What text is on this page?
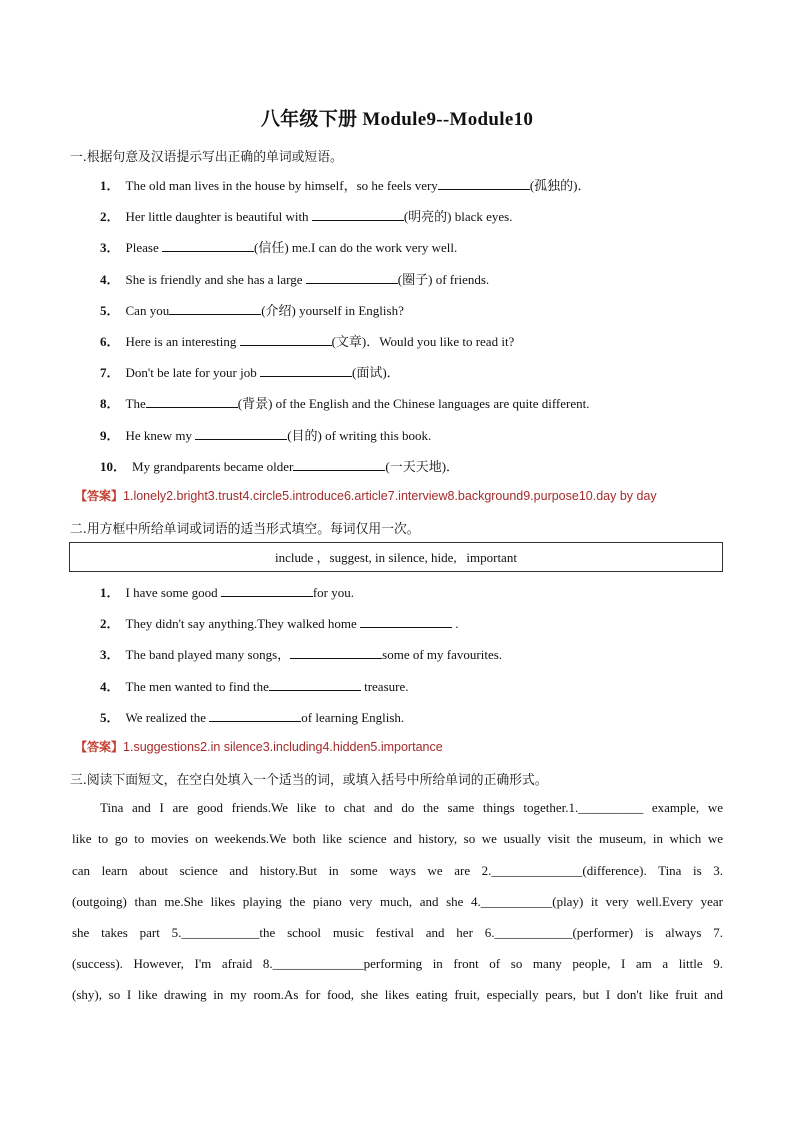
八年级下册 Module9--Module10
一.根据句意及汉语提示写出正确的单词或短语。
1． The old man lives in the house by himself，so he feels very	(孤独的)．
2． Her little daughter is beautiful with	(明亮的) black eyes.
3． Please	(信任) me.I can do the work very well.
4． She is friendly and she has a large	(圈子) of friends.
5． Can you	(介绍) yourself in English?
6． Here is an interesting	(文章)．Would you like to read it?
7． Don't be late for your job	(面试)．
8． The	(背景) of the English and the Chinese languages are quite different.
9． He knew my	(目的) of writing this book.
10． My grandparents became older	(一天天地)．
【答案】1.lonely2.bright3.trust4.circle5.introduce6.article7.interview8.background9.purpose10.day by day
二.用方框中所给单词或词语的适当形式填空。每词仅用一次。
include ，suggest, in silence, hide,   important
1． I have some good	for you.
2． They didn't say anything.They walked home	.
3． The band played many songs，	some of my favourites.
4． The men wanted to find the	treasure.
5． We realized the	of learning English.
【答案】1.suggestions2.in silence3.including4.hidden5.importance
三.阅读下面短文，在空白处填入一个适当的词，或填入括号中所给单词的正确形式。
Tina and I are good friends.We like to chat and do the same things together.1.__________ example, we
like to go to movies on weekends.We both like science and history, so we usually visit the museum, in which we
can learn about science and history.But in some ways we are 2.______________(difference). Tina is 3.
(outgoing) than me.She likes playing the piano very much, and she 4.___________(play) it very well.Every year
she takes part 5.____________the school music festival and her 6.____________(performer) is always 7.
(success). However, I'm afraid 8.______________performing in front of so many people, I am a little 9.
(shy), so I like drawing in my room.As for food, she likes eating fruit, especially pears, but I don't like fruit and
